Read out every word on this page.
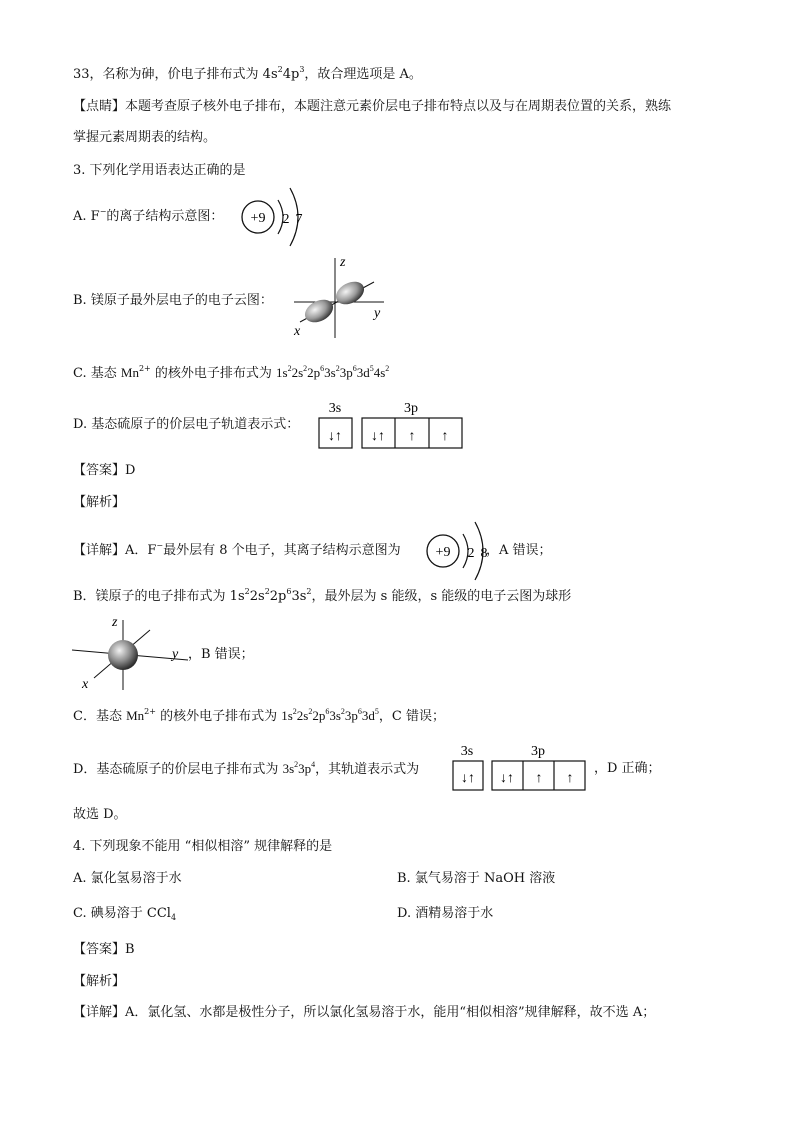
33，名称为砷，价电子排布式为 $4s^24p^3$，故合理选项是 A。
【点睛】本题考查原子核外电子排布，本题注意元素价层电子排布特点以及与在周期表位置的关系，熟练
掌握元素周期表的结构。
3. 下列化学用语表达正确的是
A. F−的离子结构示意图： +9 2 7
B. 镁原子最外层电子的电子云图：
z
y
x
C. 基态 $Mn^{2+}$ 的核外电子排布式为 $1s^22s^22p^63s^23p^63d^54s^2$
D. 基态硫原子的价层电子轨道表示式：
3s	3p
↓↑ ↓↑ ↑ ↑
【答案】D
【解析】
【详解】A．F−最外层有 8 个电子，其离子结构示意图为 +9 2 8
，A 错误；
B．镁原子的电子排布式为 $1s^22s^22p^63s^2$，最外层为 s 能级，s 能级的电子云图为球形
z
y
x
，B 错误；
C．基态 $Mn^{2+}$ 的核外电子排布式为 $1s^22s^22p^63s^23p^63d^5$，C 错误；
D．基态硫原子的价层电子排布式为 $3s^23p^4$，其轨道表示式为
3s	3p
↓↑ ↓↑ ↑ ↑
，D 正确；
故选 D。
4. 下列现象不能用 “相似相溶” 规律解释的是
A. 氯化氢易溶于水	B. 氯气易溶于 NaOH 溶液
C. 碘易溶于 CCl$_4$	D. 酒精易溶于水
【答案】B
【解析】
【详解】A．氯化氢、水都是极性分子，所以氯化氢易溶于水，能用“相似相溶”规律解释，故不选 A；
